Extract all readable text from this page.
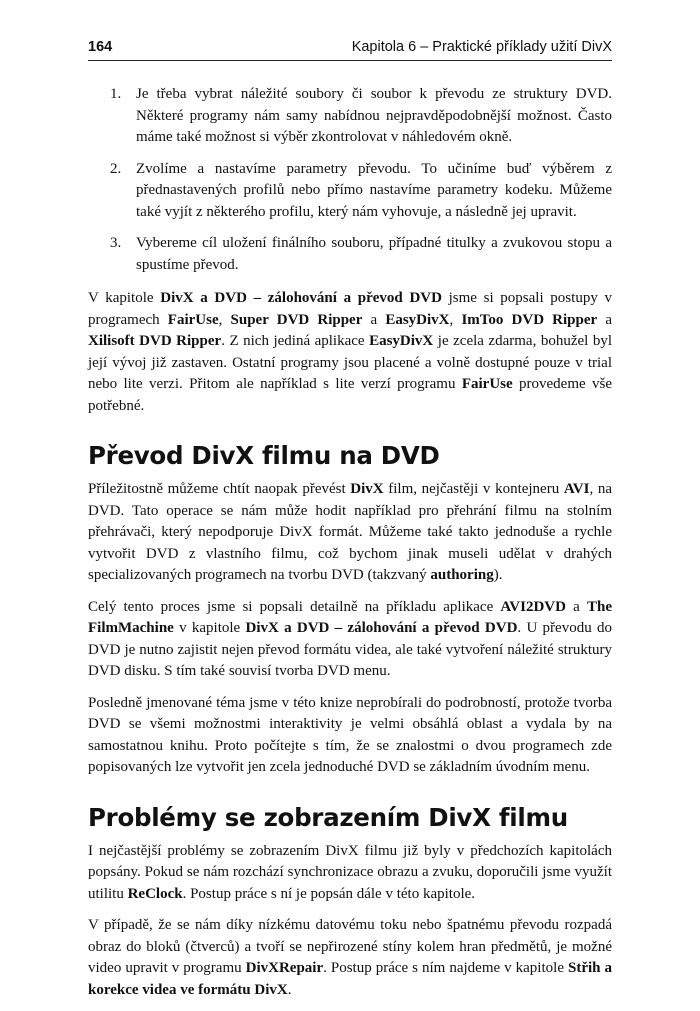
164	Kapitola 6 – Praktické příklady užití DivX
1. Je třeba vybrat náležité soubory či soubor k převodu ze struktury DVD. Některé programy nám samy nabídnou nejpravděpodobnější možnost. Často máme také možnost si výběr zkontrolovat v náhledovém okně.
2. Zvolíme a nastavíme parametry převodu. To učiníme buď výběrem z přednastavených profilů nebo přímo nastavíme parametry kodeku. Můžeme také vyjít z některého profilu, který nám vyhovuje, a následně jej upravit.
3. Vybereme cíl uložení finálního souboru, případné titulky a zvukovou stopu a spustíme převod.

V kapitole DivX a DVD – zálohování a převod DVD jsme si popsali postupy v programech FairUse, Super DVD Ripper a EasyDivX, ImToo DVD Ripper a Xilisoft DVD Ripper. Z nich jediná aplikace EasyDivX je zcela zdarma, bohužel byl její vývoj již zastaven. Ostatní programy jsou placené a volně dostupné pouze v trial nebo lite verzi. Přitom ale například s lite verzí programu FairUse provedeme vše potřebné.

Převod DivX filmu na DVD

Příležitostně můžeme chtít naopak převést DivX film, nejčastěji v kontejneru AVI, na DVD. Tato operace se nám může hodit například pro přehrání filmu na stolním přehrávači, který nepodporuje DivX formát. Můžeme také takto jednoduše a rychle vytvořit DVD z vlastního filmu, což bychom jinak museli udělat v drahých specializovaných programech na tvorbu DVD (takzvaný authoring).

Celý tento proces jsme si popsali detailně na příkladu aplikace AVI2DVD a The FilmMachine v kapitole DivX a DVD – zálohování a převod DVD. U převodu do DVD je nutno zajistit nejen převod formátu videa, ale také vytvoření náležité struktury DVD disku. S tím také souvisí tvorba DVD menu.

Posledně jmenované téma jsme v této knize neprobírali do podrobností, protože tvorba DVD se všemi možnostmi interaktivity je velmi obsáhlá oblast a vydala by na samostatnou knihu. Proto počítejte s tím, že se znalostmi o dvou programech zde popisovaných lze vytvořit jen zcela jednoduché DVD se základním úvodním menu.

Problémy se zobrazením DivX filmu

I nejčastější problémy se zobrazením DivX filmu již byly v předchozích kapitolách popsány. Pokud se nám rozchází synchronizace obrazu a zvuku, doporučili jsme využít utilitu ReClock. Postup práce s ní je popsán dále v této kapitole.

V případě, že se nám díky nízkému datovému toku nebo špatnému převodu rozpadá obraz do bloků (čtverců) a tvoří se nepřirozené stíny kolem hran předmětů, je možné video upravit v programu DivXRepair. Postup práce s ním najdeme v kapitole Střih a korekce videa ve formátu DivX.
